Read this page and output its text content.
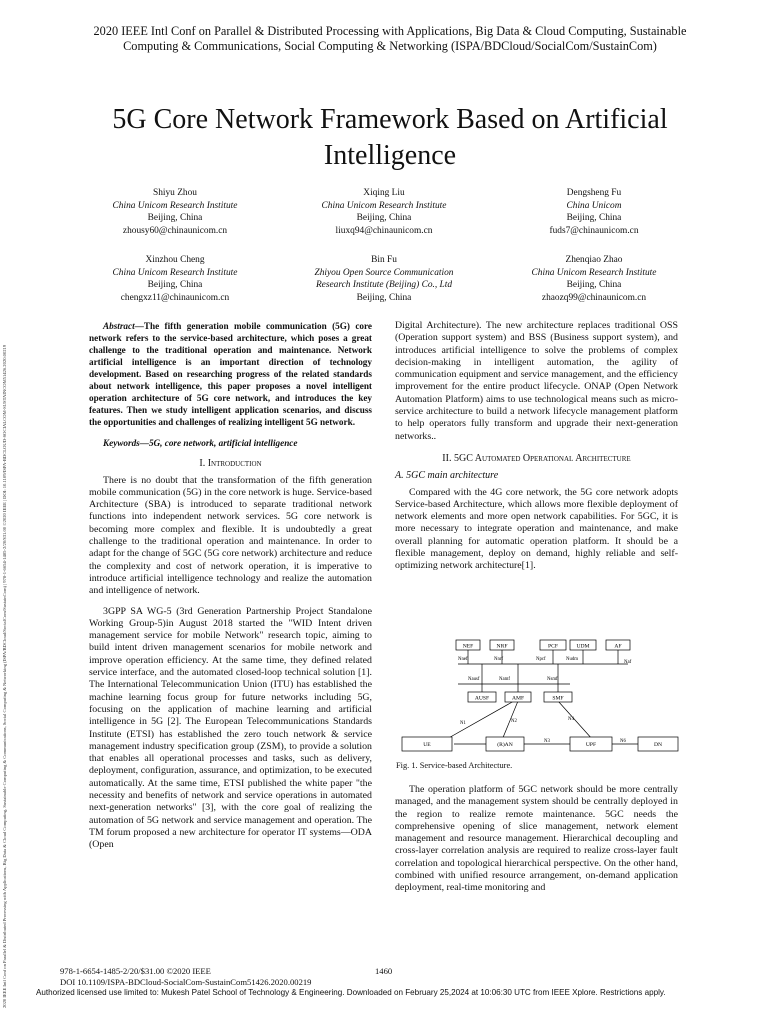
2020 IEEE Intl Conf on Parallel & Distributed Processing with Applications, Big Data & Cloud Computing, Sustainable Computing & Communications, Social Computing & Networking (ISPA/BDCloud/SocialCom/SustainCom) | 978-1-6654-1485-2/20/$31.00 ©2020 IEEE | DOI: 10.1109/ISPA-BDCLOUD-SOCIALCOM-SUSTAINCOM51426.2020.00219
2020 IEEE Intl Conf on Parallel & Distributed Processing with Applications, Big Data & Cloud Computing, Sustainable
Computing & Communications, Social Computing & Networking (ISPA/BDCloud/SocialCom/SustainCom)
5G Core Network Framework Based on Artificial
Intelligence
Shiyu Zhou
China Unicom Research Institute
Beijing, China
zhousy60@chinaunicom.cn
Xiqing Liu
China Unicom Research Institute
Beijing, China
liuxq94@chinaunicom.cn
Dengsheng Fu
China Unicom
Beijing, China
fuds7@chinaunicom.cn
Xinzhou Cheng
China Unicom Research Institute
Beijing, China
chengxz11@chinaunicom.cn
Bin Fu
Zhiyou Open Source Communication
Research Institute (Beijing) Co., Ltd
Beijing, China
Zhenqiao Zhao
China Unicom Research Institute
Beijing, China
zhaozq99@chinaunicom.cn

Abstract—The fifth generation mobile communication (5G) core network refers to the service-based architecture, which poses a great challenge to the traditional operation and maintenance. Network artificial intelligence is an important direction of technology development. Based on researching progress of the related standards about network intelligence, this paper proposes a novel intelligent operation architecture of 5G core network, and introduces the key features. Then we study intelligent application scenarios, and discuss the opportunities and challenges of realizing intelligent 5G network.

Keywords—5G, core network, artificial intelligence

I. Introduction

There is no doubt that the transformation of the fifth generation mobile communication (5G) in the core network is huge. Service-based Architecture (SBA) is introduced to separate traditional network functions into independent network services. 5G core network is becoming more complex and flexible. It is undoubtedly a great challenge to the traditional operation and maintenance. In order to adapt for the change of 5GC (5G core network) architecture and reduce the complexity and cost of network operation, it is imperative to introduce artificial intelligence technology and realize the automation and intelligence of network.

3GPP SA WG-5 (3rd Generation Partnership Project Standalone Working Group-5)in August 2018 started the "WID Intent driven management service for mobile Network" research topic, aiming to build intent driven management scenarios for mobile network and improve operation efficiency. At the same time, they defined related service interface, and the automated closed-loop technical solution [1]. The International Telecommunication Union (ITU) has established the machine learning focus group for future networks including 5G, focusing on the application of machine learning and artificial intelligence in 5G [2]. The European Telecommunications Standards Institute (ETSI) has established the zero touch network & service management industry specification group (ZSM), to provide a solution that enables all operational processes and tasks, such as delivery, deployment, configuration, assurance, and optimization, to be executed automatically. At the same time, ETSI published the white paper "the necessity and benefits of network and service operations in automated next-generation networks" [3], with the core goal of realizing the automation of 5G network and service management and operation. The TM forum proposed a new architecture for operator IT systems—ODA (Open

Digital Architecture). The new architecture replaces traditional OSS (Operation support system) and BSS (Business support system), and introduces artificial intelligence to solve the problems of complex decision-making in intelligent automation, the agility of communication equipment and service management, and the efficiency improvement for the entire product lifecycle. ONAP (Open Network Automation Platform) aims to use technological means such as micro-service architecture to build a network lifecycle management platform to help operators fully transform and upgrade their next-generation networks..

II. 5GC Automated Operational Architecture

A. 5GC main architecture

Compared with the 4G core network, the 5G core network adopts Service-based Architecture, which allows more flexible deployment of network elements and more open network capabilities. For 5GC, it is more necessary to integrate operation and maintenance, and make overall planning for automatic operation platform. It should be a flexible management, deploy on demand, highly reliable and self-optimizing network architecture[1].

NEF	NRF	PCF	UDM	AF
AUSF	AMF	SMF
UE	(R)AN	UPF	DN
Nnef	Nnrf	Npcf	Nudm
Naf
Nausf	Namf	Nsmf
N1	N2	N4
N3	N6
Fig. 1. Service-based Architecture.

The operation platform of 5GC network should be more centrally managed, and the management system should be centrally deployed in the region to realize remote maintenance. 5GC needs the comprehensive opening of slice management, network element management and resource management. Hierarchical decoupling and cross-layer correlation analysis are required to realize cross-layer fault correlation and topological hierarchical perspective. On the other hand, combined with unified resource arrangement, on-demand application deployment, real-time monitoring and

978-1-6654-1485-2/20/$31.00 ©2020 IEEE	1460
DOI 10.1109/ISPA-BDCloud-SocialCom-SustainCom51426.2020.00219
Authorized licensed use limited to: Mukesh Patel School of Technology & Engineering. Downloaded on February 25,2024 at 10:06:30 UTC from IEEE Xplore. Restrictions apply.
